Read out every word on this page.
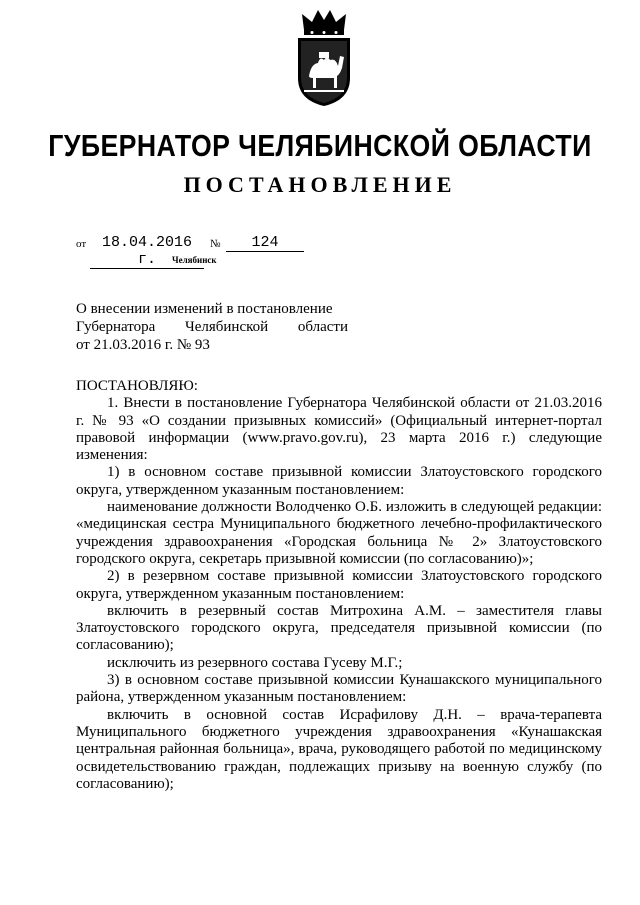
ГУБЕРНАТОР ЧЕЛЯБИНСКОЙ ОБЛАСТИ
ПОСТАНОВЛЕНИЕ
от	18.04.2016 г.
№	124
Челябинск

О внесении изменений в постановление

Губернатора Челябинской области

от 21.03.2016 г. № 93

ПОСТАНОВЛЯЮ:

1. Внести в постановление Губернатора Челябинской области от 21.03.2016 г. № 93 «О создании призывных комиссий» (Официальный интернет-портал правовой информации (www.pravo.gov.ru), 23 марта 2016 г.) следующие изменения:

1) в основном составе призывной комиссии Златоустовского городского округа, утвержденном указанным постановлением:

наименование должности Володченко О.Б. изложить в следующей редакции: «медицинская сестра Муниципального бюджетного лечебно-профилактического учреждения здравоохранения «Городская больница № 2» Златоустовского городского округа, секретарь призывной комиссии (по согласованию)»;

2) в резервном составе призывной комиссии Златоустовского городского округа, утвержденном указанным постановлением:

включить в резервный состав Митрохина А.М. – заместителя главы Златоустовского городского округа, председателя призывной комиссии (по согласованию);

исключить из резервного состава Гусеву М.Г.;

3) в основном составе призывной комиссии Кунашакского муниципального района, утвержденном указанным постановлением:

включить в основной состав Исрафилову Д.Н. – врача-терапевта Муниципального бюджетного учреждения здравоохранения «Кунашакская центральная районная больница», врача, руководящего работой по медицинскому освидетельствованию граждан, подлежащих призыву на военную службу (по согласованию);
